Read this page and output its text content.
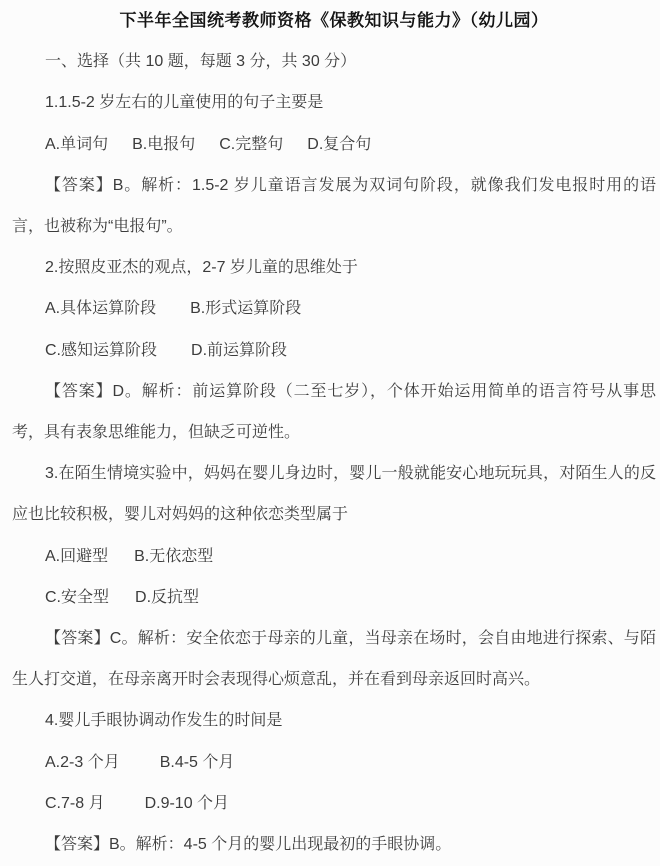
下半年全国统考教师资格《保教知识与能力》（幼儿园）

一、选择（共 10 题，每题 3 分，共 30 分）

1.1.5-2 岁左右的儿童使用的句子主要是

A.单词句 B.电报句 C.完整句 D.复合句

【答案】B。解析：1.5-2 岁儿童语言发展为双词句阶段，就像我们发电报时用的语言，也被称为“电报句”。

2.按照皮亚杰的观点，2-7 岁儿童的思维处于

A.具体运算阶段 B.形式运算阶段
C.感知运算阶段 D.前运算阶段

【答案】D。解析：前运算阶段（二至七岁），个体开始运用简单的语言符号从事思考，具有表象思维能力，但缺乏可逆性。

3.在陌生情境实验中，妈妈在婴儿身边时，婴儿一般就能安心地玩玩具，对陌生人的反应也比较积极，婴儿对妈妈的这种依恋类型属于

A.回避型 B.无依恋型
C.安全型 D.反抗型

【答案】C。解析：安全依恋于母亲的儿童，当母亲在场时，会自由地进行探索、与陌生人打交道，在母亲离开时会表现得心烦意乱，并在看到母亲返回时高兴。

4.婴儿手眼协调动作发生的时间是

A.2-3 个月	B.4-5 个月
C.7-8 月	D.9-10 个月

【答案】B。解析：4-5 个月的婴儿出现最初的手眼协调。
